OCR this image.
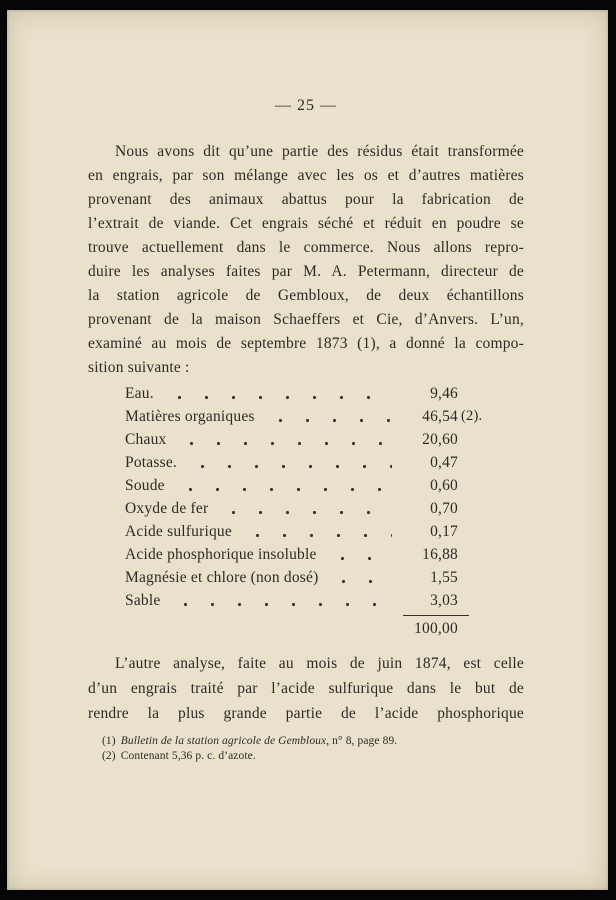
— 25 —
Nous avons dit qu’une partie des résidus était transformée
en engrais, par son mélange avec les os et d’autres matières
provenant des animaux abattus pour la fabrication de
l’extrait de viande. Cet engrais séché et réduit en poudre se
trouve actuellement dans le commerce. Nous allons repro-
duire les analyses faites par M. A. Petermann, directeur de
la station agricole de Gembloux, de deux échantillons
provenant de la maison Schaeffers et Cie, d’Anvers. L’un,
examiné au mois de septembre 1873 (1), a donné la compo-
sition suivante :
Eau.	9,46
Matières organiques	46,54 (2).
Chaux	20,60
Potasse.	0,47
Soude	0,60
Oxyde de fer	0,70
Acide sulfurique	0,17
Acide phosphorique insoluble	16,88
Magnésie et chlore (non dosé)	1,55
Sable	3,03
100,00
L’autre analyse, faite au mois de juin 1874, est celle
d’un engrais traité par l’acide sulfurique dans le but de
rendre la plus grande partie de l’acide phosphorique
(1) Bulletin de la station agricole de Gembloux, n° 8, page 89.
(2) Contenant 5,36 p. c. d’azote.
